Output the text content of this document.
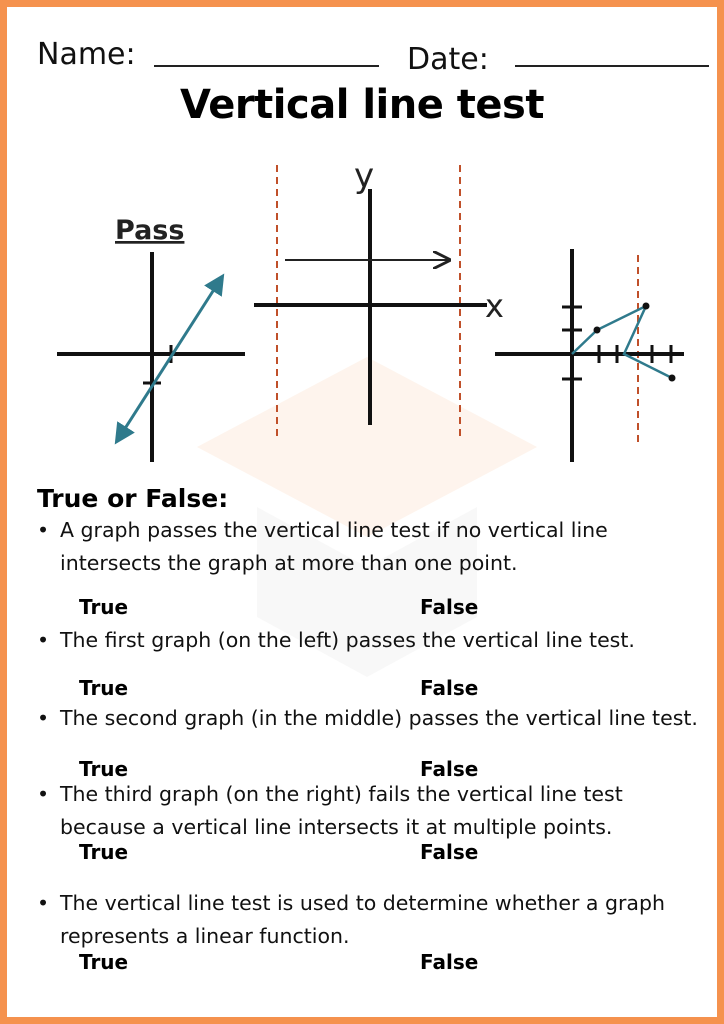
Name:	Date:
Vertical line test
Pass
y
x
True or False:
• A graph passes the vertical line test if no vertical line intersects the graph at more than one point.
True	False
• The first graph (on the left) passes the vertical line test.
True	False
• The second graph (in the middle) passes the vertical line test.
True	False
• The third graph (on the right) fails the vertical line test because a vertical line intersects it at multiple points.
True	False
• The vertical line test is used to determine whether a graph represents a linear function.
True	False
